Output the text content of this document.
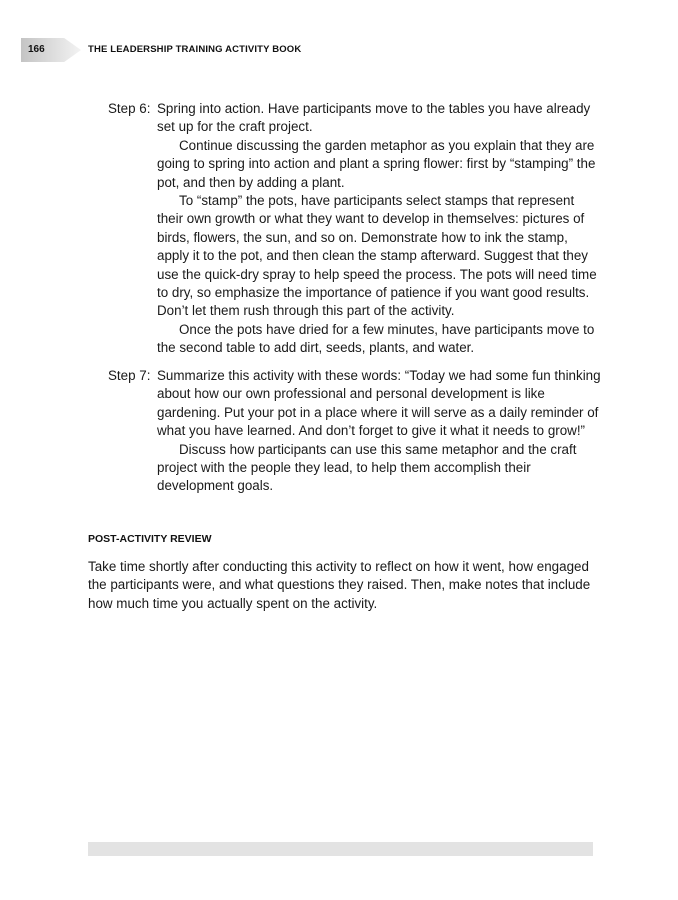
166	THE LEADERSHIP TRAINING ACTIVITY BOOK
Step 6: Spring into action. Have participants move to the tables you have already set up for the craft project.

Continue discussing the garden metaphor as you explain that they are going to spring into action and plant a spring flower: first by “stamping” the pot, and then by adding a plant.

To “stamp” the pots, have participants select stamps that represent their own growth or what they want to develop in themselves: pictures of birds, flowers, the sun, and so on. Demonstrate how to ink the stamp, apply it to the pot, and then clean the stamp afterward. Suggest that they use the quick-dry spray to help speed the process. The pots will need time to dry, so emphasize the importance of patience if you want good results. Don’t let them rush through this part of the activity.

Once the pots have dried for a few minutes, have participants move to the second table to add dirt, seeds, plants, and water.

Step 7: Summarize this activity with these words: “Today we had some fun thinking about how our own professional and personal development is like gardening. Put your pot in a place where it will serve as a daily reminder of what you have learned. And don’t forget to give it what it needs to grow!”

Discuss how participants can use this same metaphor and the craft project with the people they lead, to help them accomplish their development goals.

POST-ACTIVITY REVIEW

Take time shortly after conducting this activity to reflect on how it went, how engaged the participants were, and what questions they raised. Then, make notes that include how much time you actually spent on the activity.
